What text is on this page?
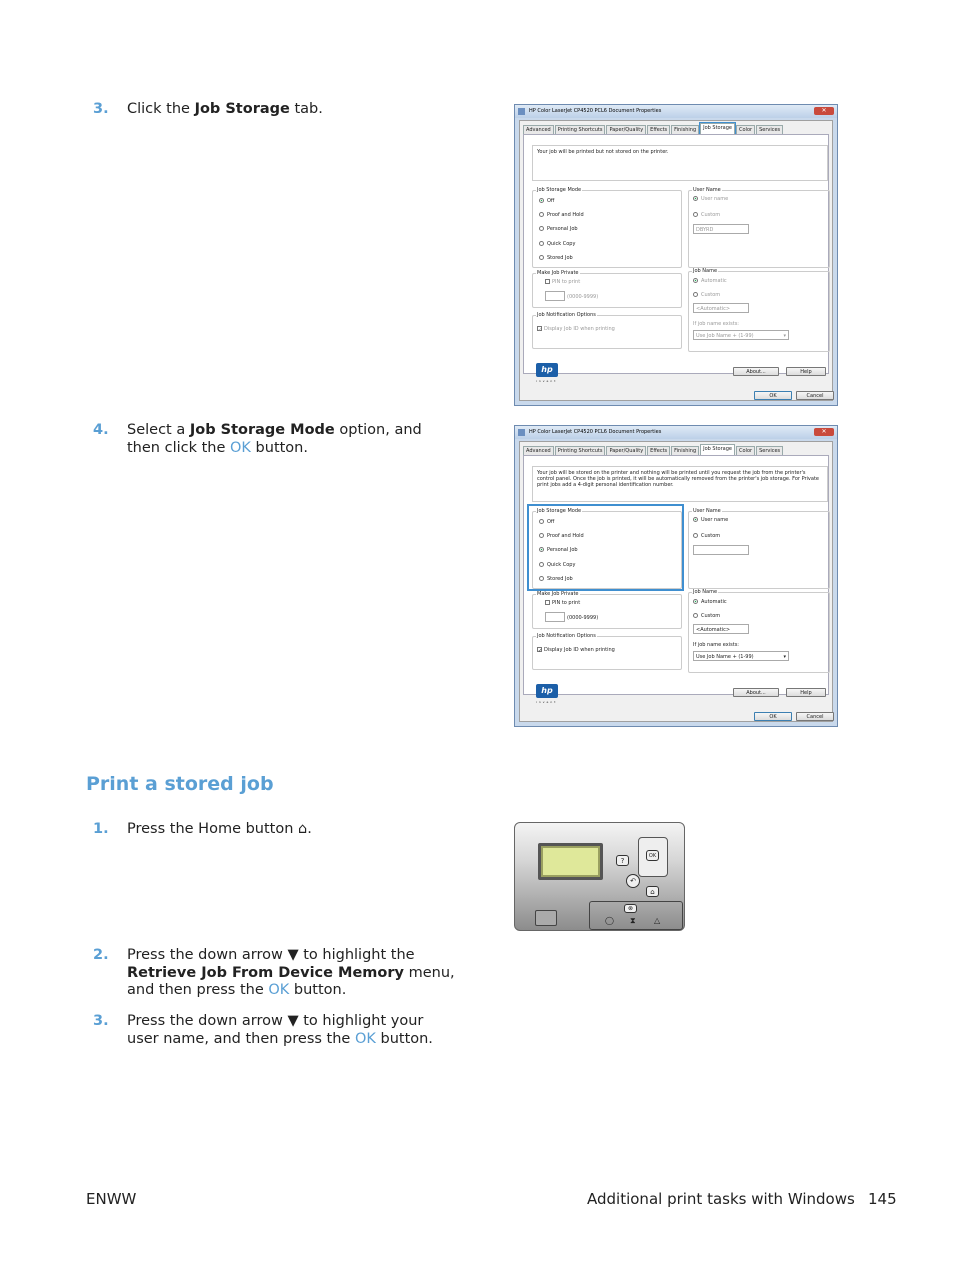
3.	Click the Job Storage tab.
4.	Select a Job Storage Mode option, and then click the OK button.
HP Color LaserJet CP4520 PCL6 Document Properties	✕
Advanced	Printing Shortcuts	Paper/Quality	Effects	Finishing	Job Storage	Color	Services
Your job will be printed but not stored on the printer.
Job Storage Mode
Off
Proof and Hold
Personal Job
Quick Copy
Stored Job
User Name
User name
Custom
DBYRD
Make Job Private
PIN to print
(0000-9999)
Job Name
Automatic
Custom
<Automatic>
If job name exists:
Use Job Name + (1-99)	▾
Job Notification Options
✓ Display Job ID when printing
hp
invent
About...	Help
OK	Cancel
HP Color LaserJet CP4520 PCL6 Document Properties	✕
Advanced	Printing Shortcuts	Paper/Quality	Effects	Finishing	Job Storage	Color	Services
Your job will be stored on the printer and nothing will be printed until you request the job from the printer's control panel. Once the job is printed, it will be automatically removed from the printer's job storage. For Private print jobs add a 4-digit personal identification number.
Job Storage Mode
Off
Proof and Hold
Personal Job
Quick Copy
Stored Job
User Name
User name
Custom
Make Job Private
PIN to print
(0000-9999)
Job Name
Automatic
Custom
<Automatic>
If job name exists:
Use Job Name + (1-99)	▾
Job Notification Options
✓ Display Job ID when printing
hp
invent
About...	Help
OK	Cancel
Print a stored job
1.	Press the Home button ⌂.
2.	Press the down arrow ▼ to highlight the Retrieve Job From Device Memory menu, and then press the OK button.
3.	Press the down arrow ▼ to highlight your user name, and then press the OK button.
?
OK
↶
⌂
⊗
◯ ⧗ △
ENWW	Additional print tasks with Windows 145
